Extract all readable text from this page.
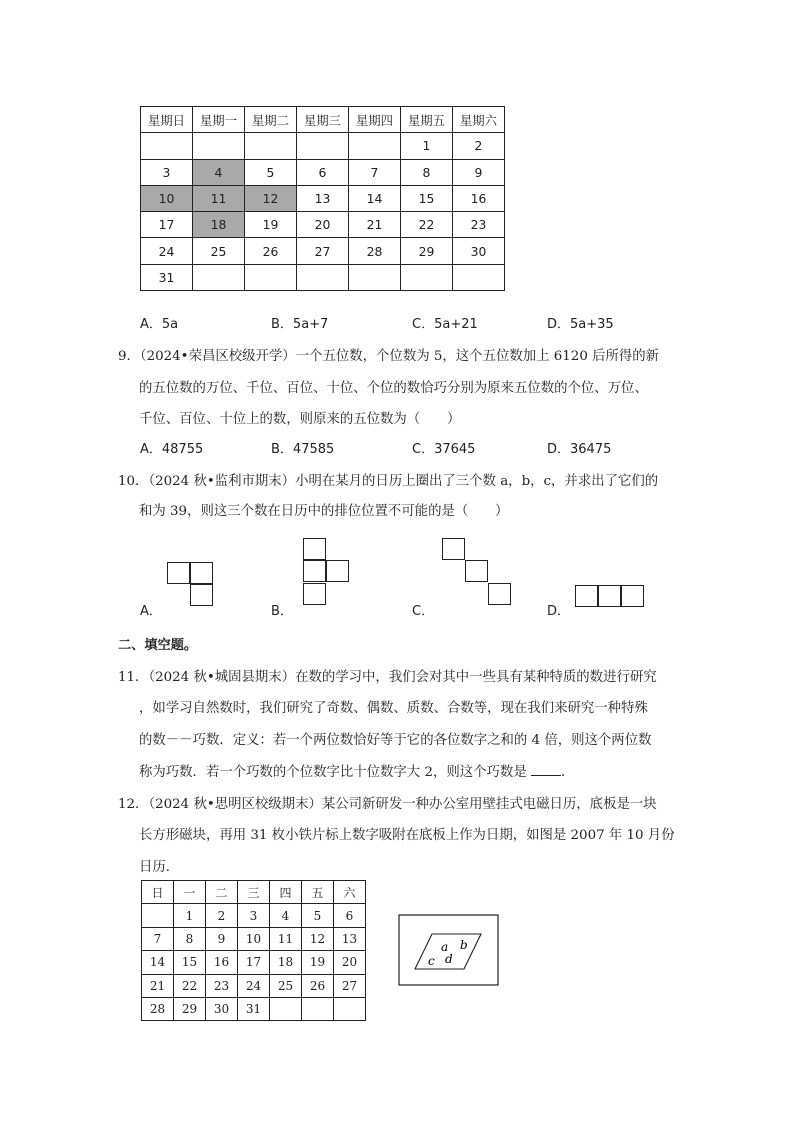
星期日	星期一	星期二	星期三	星期四	星期五	星期六
					1	2
3	4	5	6	7	8	9
10	11	12	13	14	15	16
17	18	19	20	21	22	23
24	25	26	27	28	29	30
31						
A．5a	B．5a+7	C．5a+21	D．5a+35
9．（2024•荣昌区校级开学）一个五位数，个位数为 5，这个五位数加上 6120 后所得的新
的五位数的万位、千位、百位、十位、个位的数恰巧分别为原来五位数的个位、万位、
千位、百位、十位上的数，则原来的五位数为（　　）
A．48755	B．47585	C．37645	D．36475
10．（2024 秋•监利市期末）小明在某月的日历上圈出了三个数 a，b，c，并求出了它们的
和为 39，则这三个数在日历中的排位位置不可能的是（　　）
A．	B．	C．	D．
二、填空题。
11．（2024 秋•城固县期末）在数的学习中，我们会对其中一些具有某种特质的数进行研究
，如学习自然数时，我们研究了奇数、偶数、质数、合数等，现在我们来研究一种特殊
的数－－巧数．定义：若一个两位数恰好等于它的各位数字之和的 4 倍，则这个两位数
称为巧数．若一个巧数的个位数字比十位数字大 2，则这个巧数是	．
12．（2024 秋•思明区校级期末）某公司新研发一种办公室用壁挂式电磁日历，底板是一块
长方形磁块，再用 31 枚小铁片标上数字吸附在底板上作为日期，如图是 2007 年 10 月份
日历．
日	一	二	三	四	五	六
	1	2	3	4	5	6
7	8	9	10	11	12	13
14	15	16	17	18	19	20
21	22	23	24	25	26	27
28	29	30	31			
a b
c d
